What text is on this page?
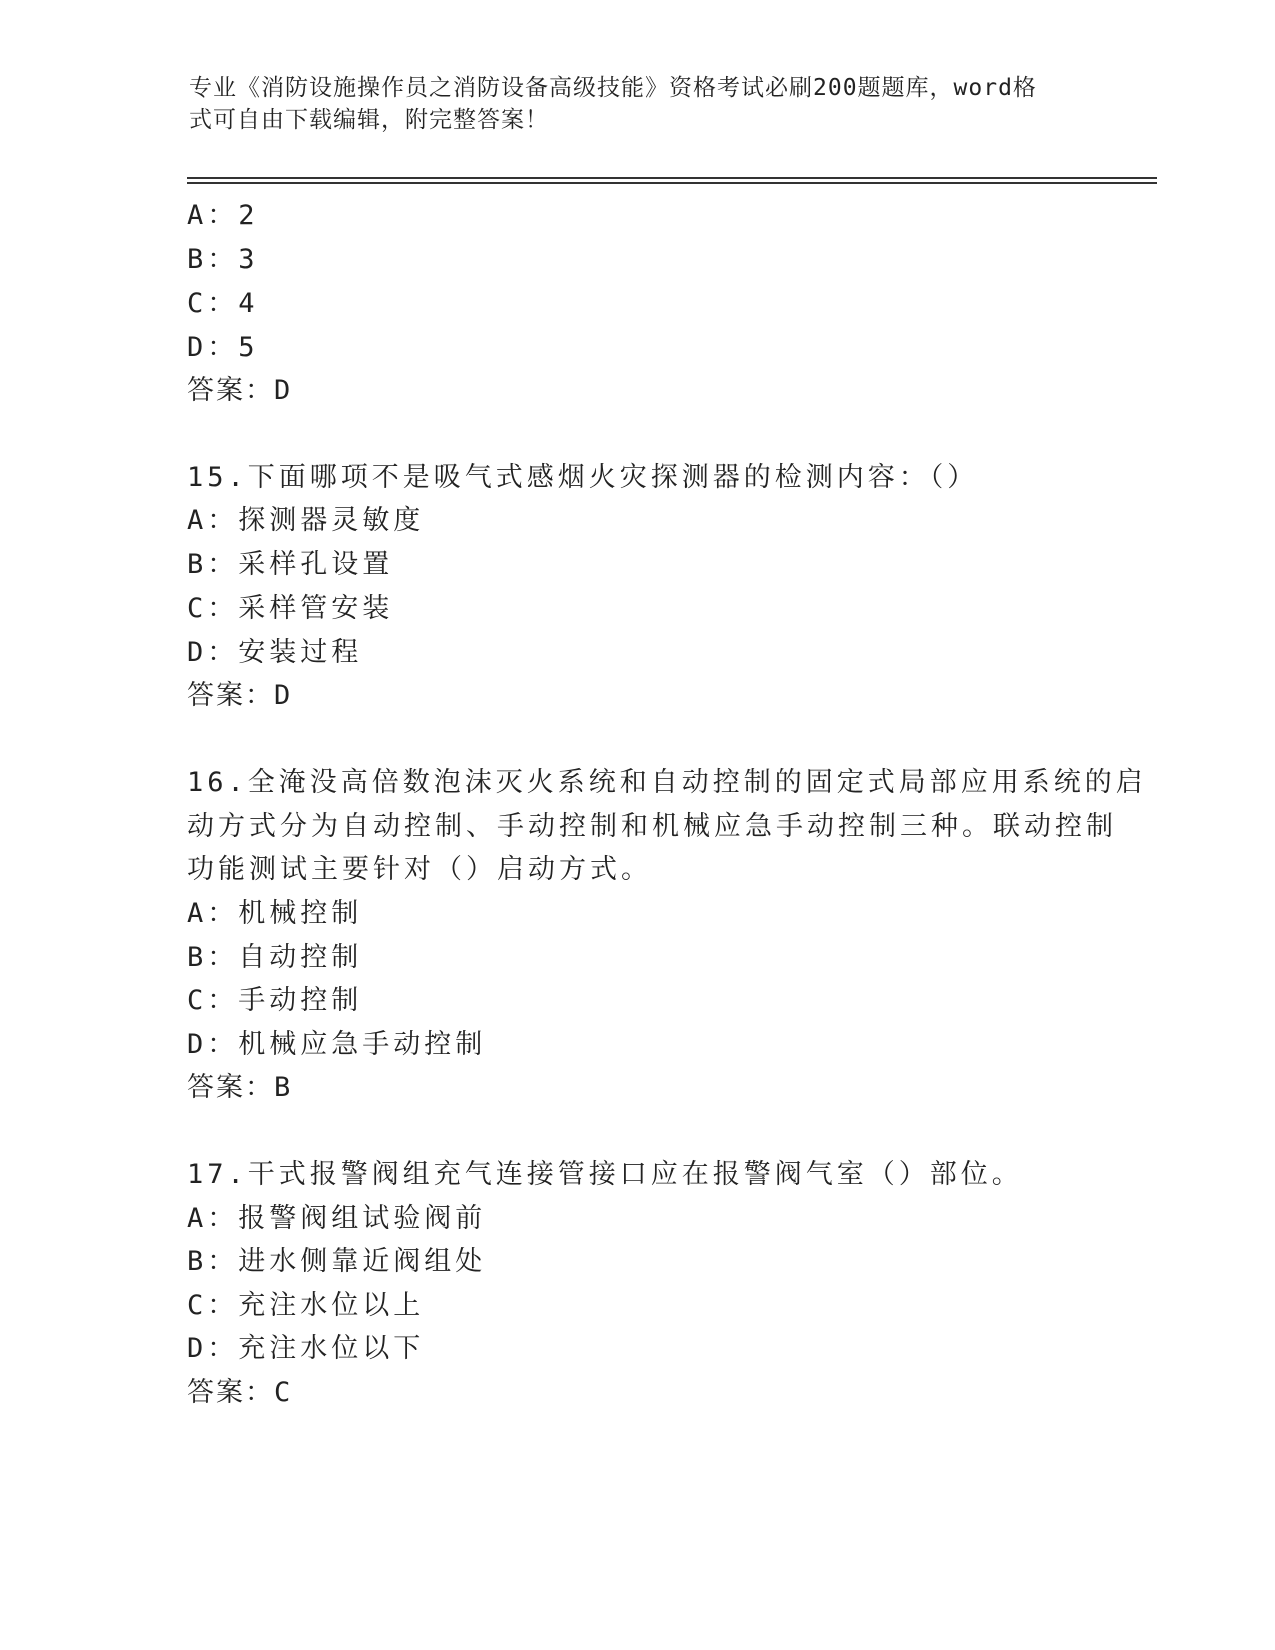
专业《消防设施操作员之消防设备高级技能》资格考试必刷200题题库，word格
式可自由下载编辑，附完整答案！
A：2
B：3
C：4
D：5
答案：D
15.下面哪项不是吸气式感烟火灾探测器的检测内容：（）
A：探测器灵敏度
B：采样孔设置
C：采样管安装
D：安装过程
答案：D
16.全淹没高倍数泡沫灭火系统和自动控制的固定式局部应用系统的启
动方式分为自动控制、手动控制和机械应急手动控制三种。联动控制
功能测试主要针对（）启动方式。
A：机械控制
B：自动控制
C：手动控制
D：机械应急手动控制
答案：B
17.干式报警阀组充气连接管接口应在报警阀气室（）部位。
A：报警阀组试验阀前
B：进水侧靠近阀组处
C：充注水位以上
D：充注水位以下
答案：C
